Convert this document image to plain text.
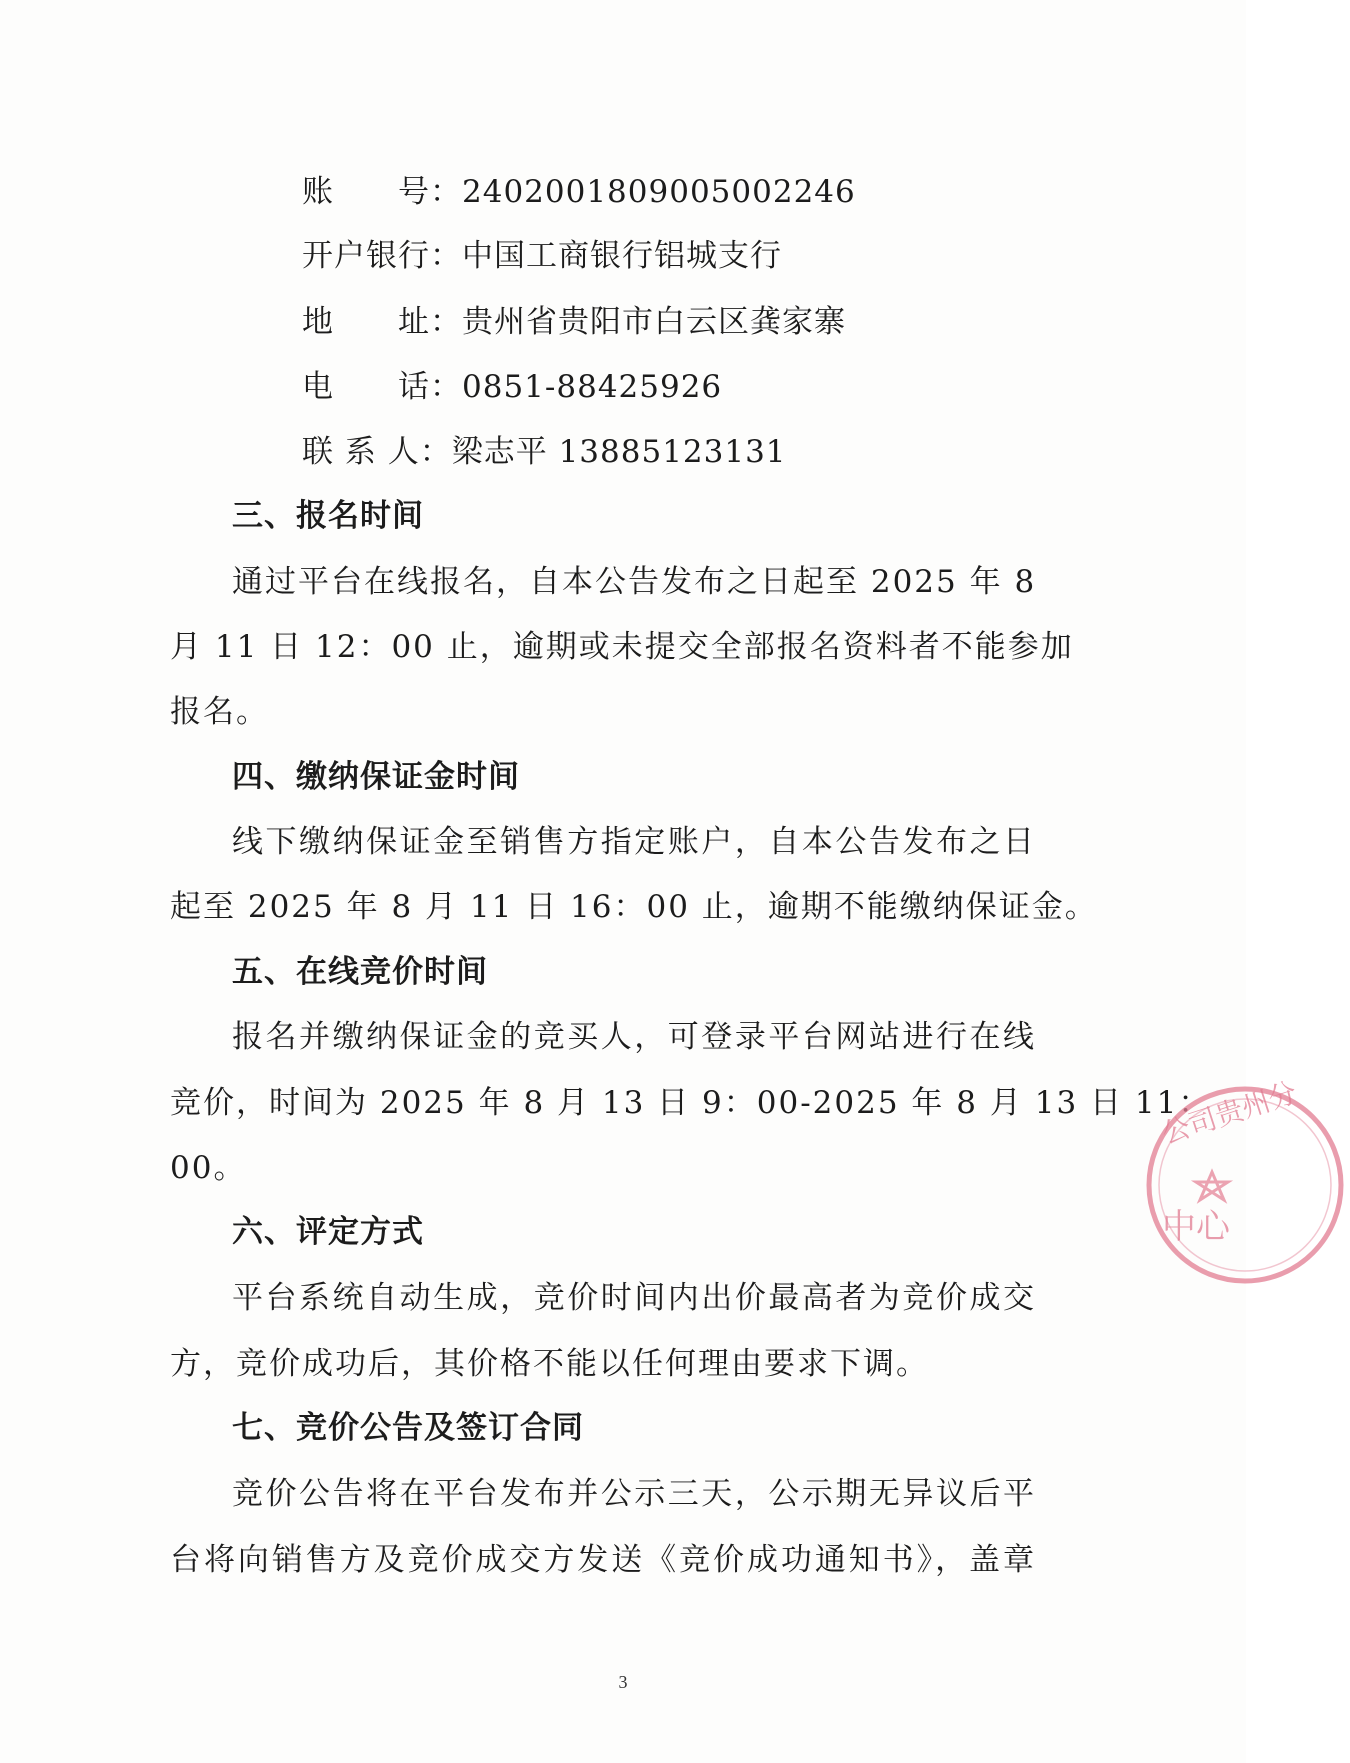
账　　号：2402001809005002246
开户银行：中国工商银行铝城支行
地　　址：贵州省贵阳市白云区龚家寨
电　　话：0851-88425926
联 系 人：梁志平 13885123131
三、报名时间
通过平台在线报名，自本公告发布之日起至 2025 年 8
月 11 日 12：00 止，逾期或未提交全部报名资料者不能参加
报名。
四、缴纳保证金时间
线下缴纳保证金至销售方指定账户，自本公告发布之日
起至 2025 年 8 月 11 日 16：00 止，逾期不能缴纳保证金。
五、在线竞价时间
报名并缴纳保证金的竞买人，可登录平台网站进行在线
竞价，时间为 2025 年 8 月 13 日 9：00-2025 年 8 月 13 日 11：
00。
六、评定方式
平台系统自动生成，竞价时间内出价最高者为竞价成交
方，竞价成功后，其价格不能以任何理由要求下调。
七、竞价公告及签订合同
竞价公告将在平台发布并公示三天，公示期无异议后平
台将向销售方及竞价成交方发送《竞价成功通知书》，盖章
3
公司贵州分
中心
